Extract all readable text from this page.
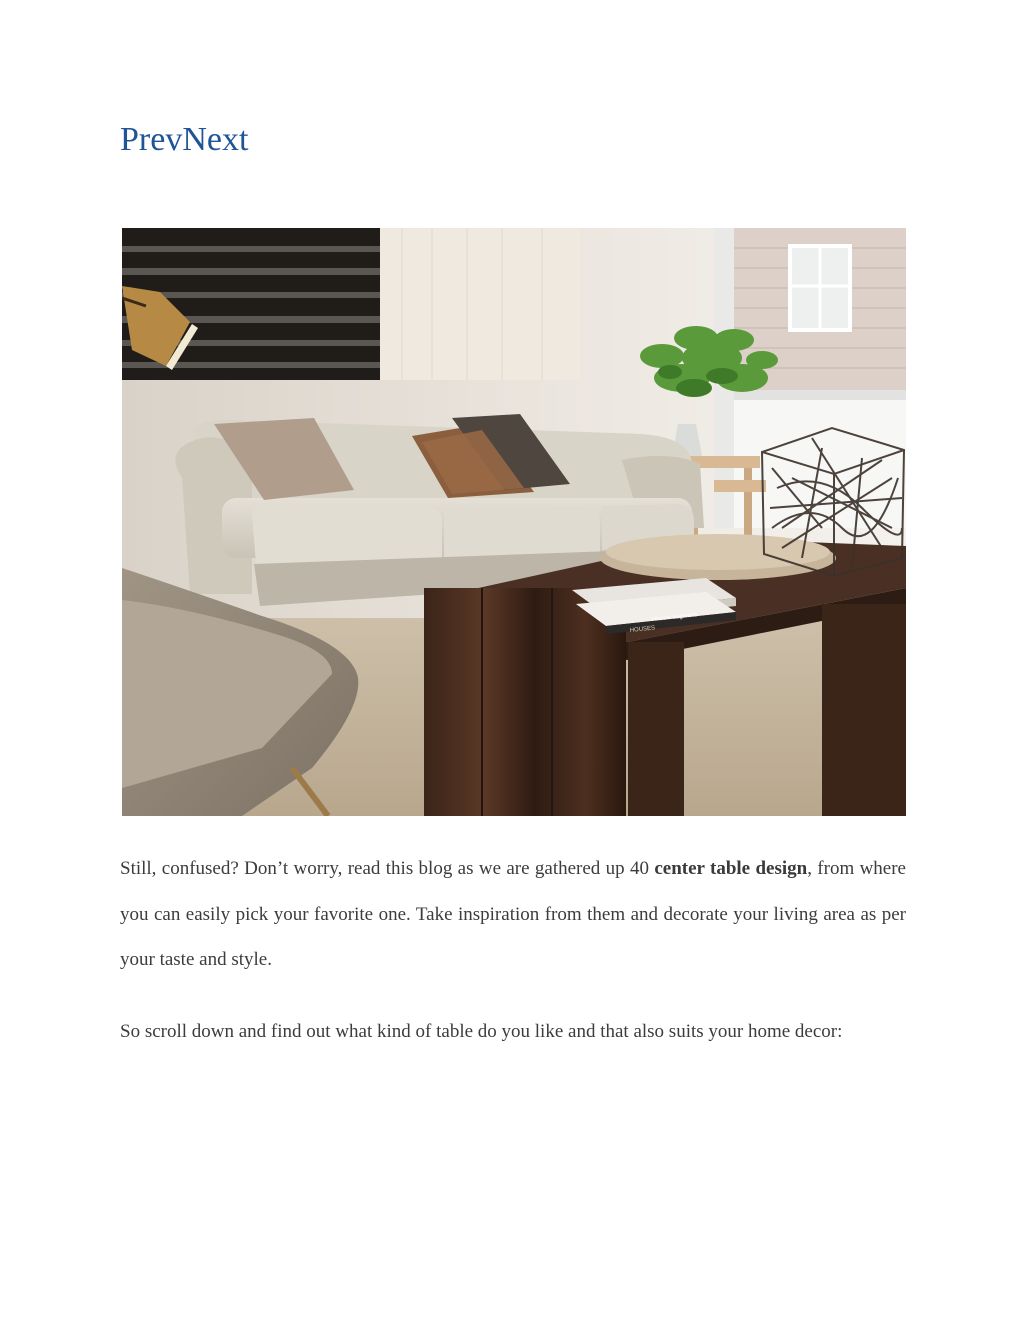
PrevNext
Hiroshi Sugimoto
HOUSES

Still, confused? Don’t worry, read this blog as we are gathered up 40 center table design, from where you can easily pick your favorite one. Take inspiration from them and decorate your living area as per your taste and style.

So scroll down and find out what kind of table do you like and that also suits your home decor:
